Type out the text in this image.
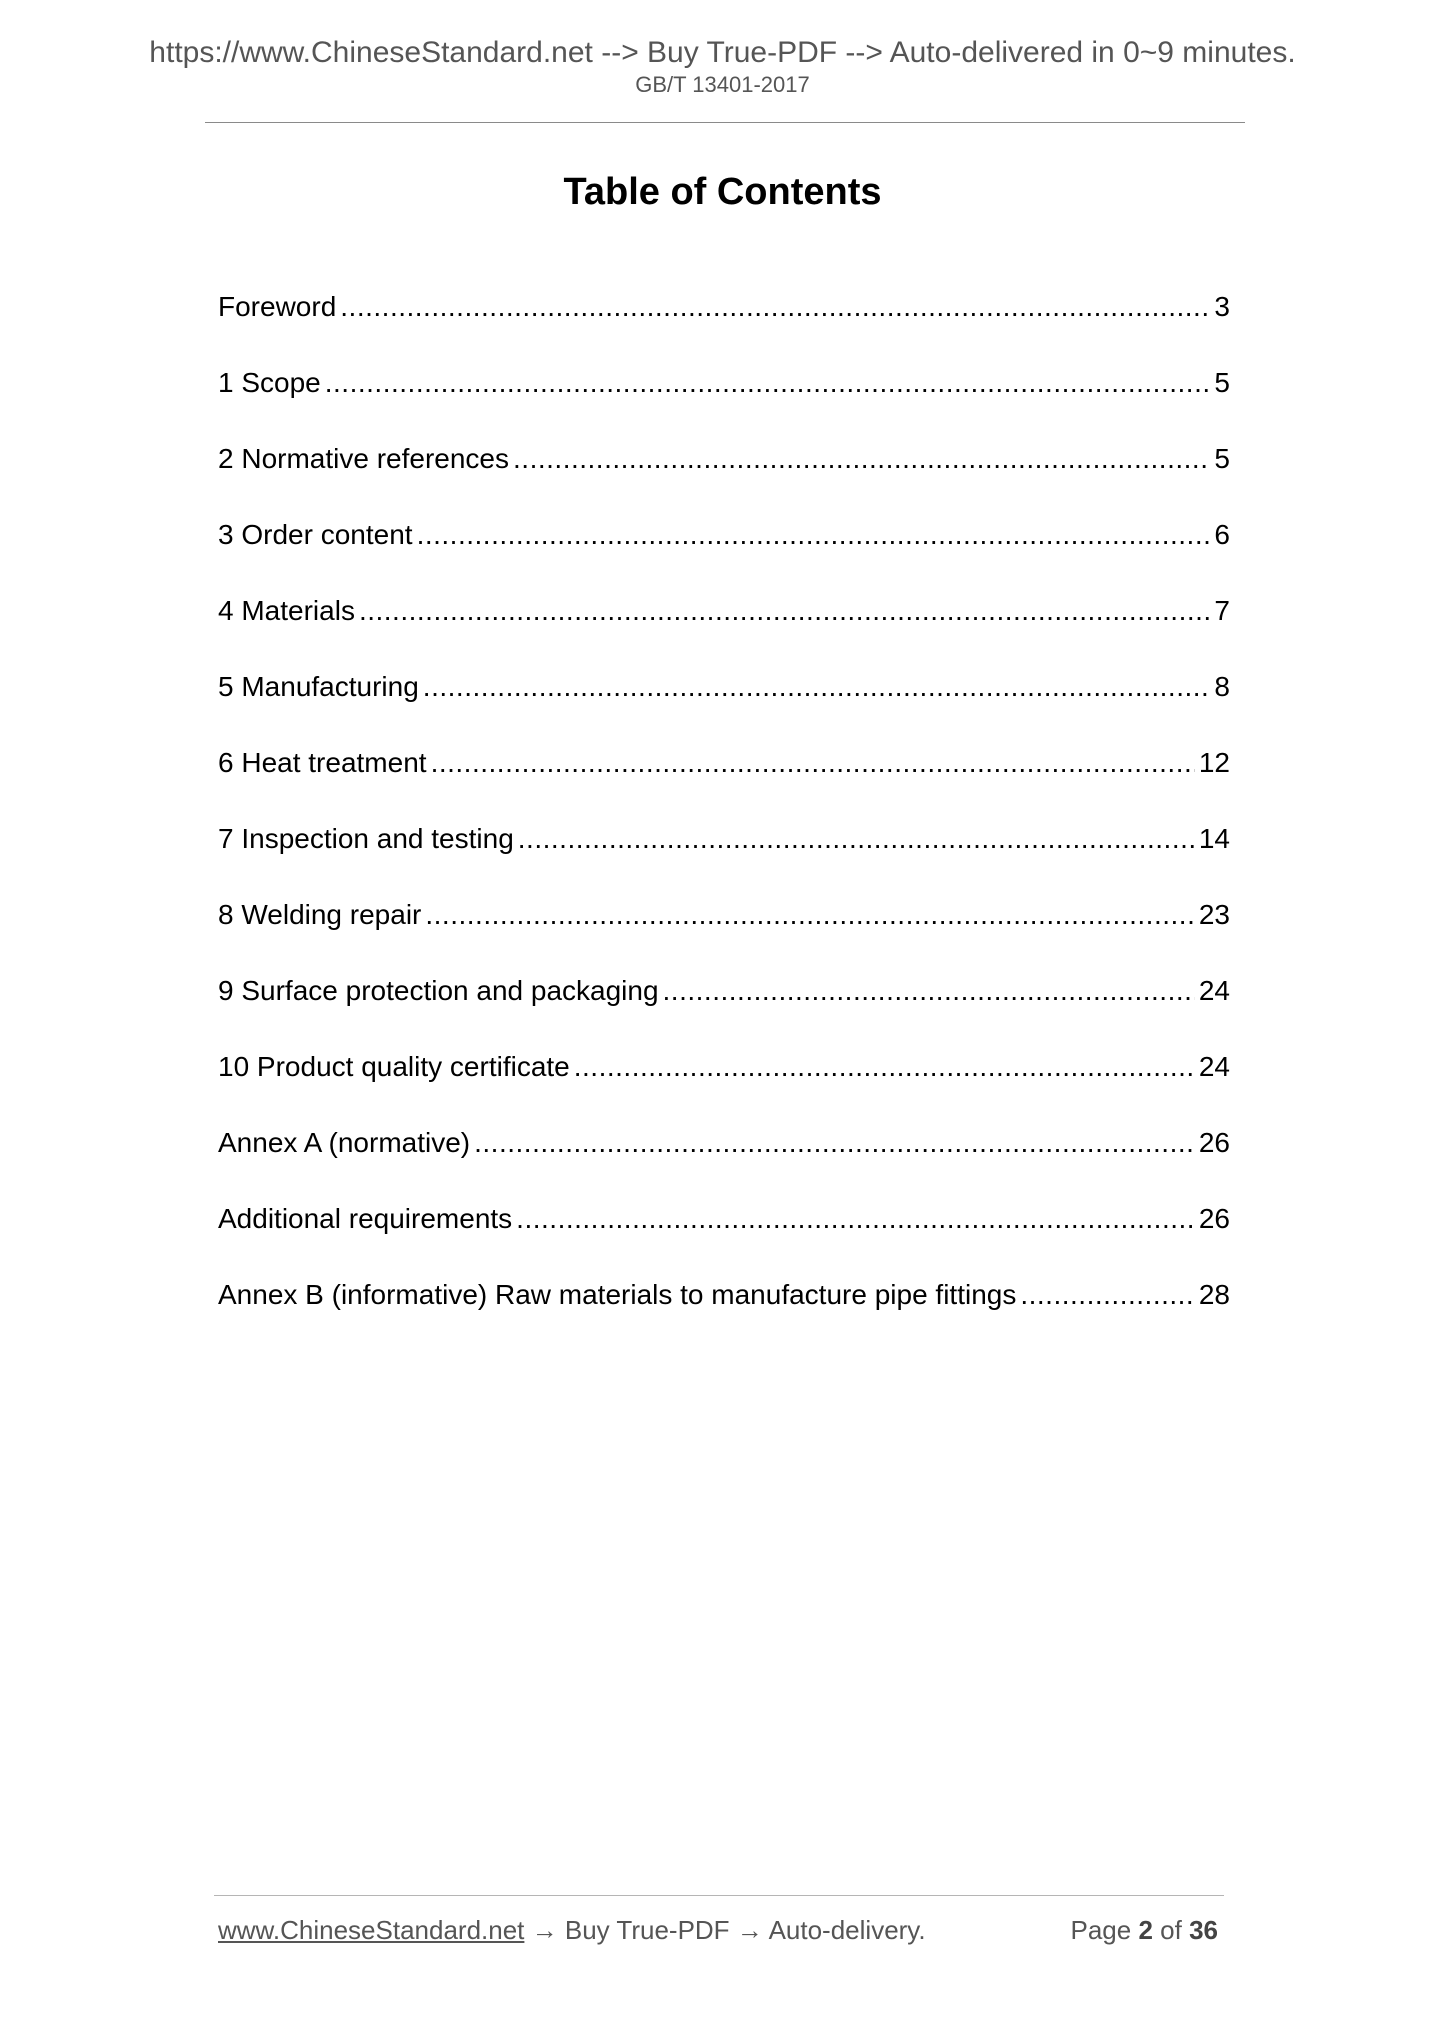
https://www.ChineseStandard.net --> Buy True-PDF --> Auto-delivered in 0~9 minutes.
GB/T 13401-2017
Table of Contents
Foreword .....	3
1 Scope .....	5
2 Normative references .....	5
3 Order content .....	6
4 Materials .....	7
5 Manufacturing .....	8
6 Heat treatment .....	12
7 Inspection and testing .....	14
8 Welding repair .....	23
9 Surface protection and packaging .....	24
10 Product quality certificate .....	24
Annex A (normative) .....	26
Additional requirements .....	26
Annex B (informative) Raw materials to manufacture pipe fittings .....	28
www.ChineseStandard.net → Buy True-PDF → Auto-delivery.	Page 2 of 36
